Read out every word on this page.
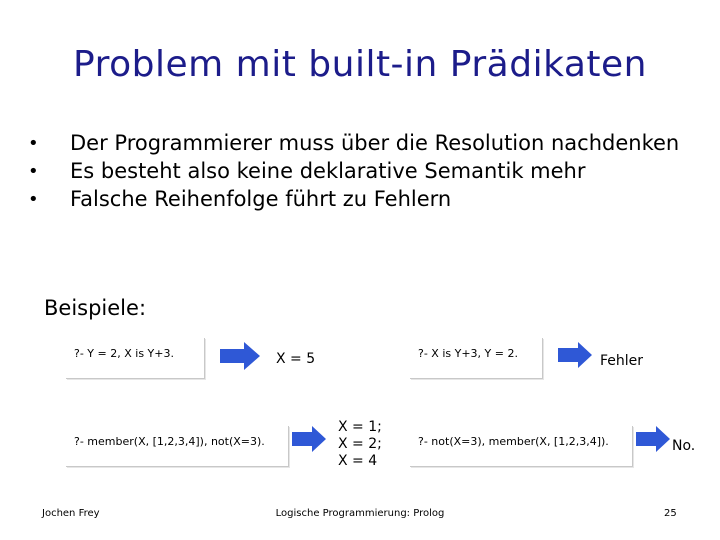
Problem mit built-in Prädikaten
• Der Programmierer muss über die Resolution nachdenken
• Es besteht also keine deklarative Semantik mehr
• Falsche Reihenfolge führt zu Fehlern
Beispiele:
?- Y = 2, X is Y+3.	X = 5	?- X is Y+3, Y = 2.	Fehler
?- member(X, [1,2,3,4]), not(X=3).
X = 1;
X = 2;
X = 4
?- not(X=3), member(X, [1,2,3,4]).	No.
Jochen Frey	Logische Programmierung: Prolog	25
